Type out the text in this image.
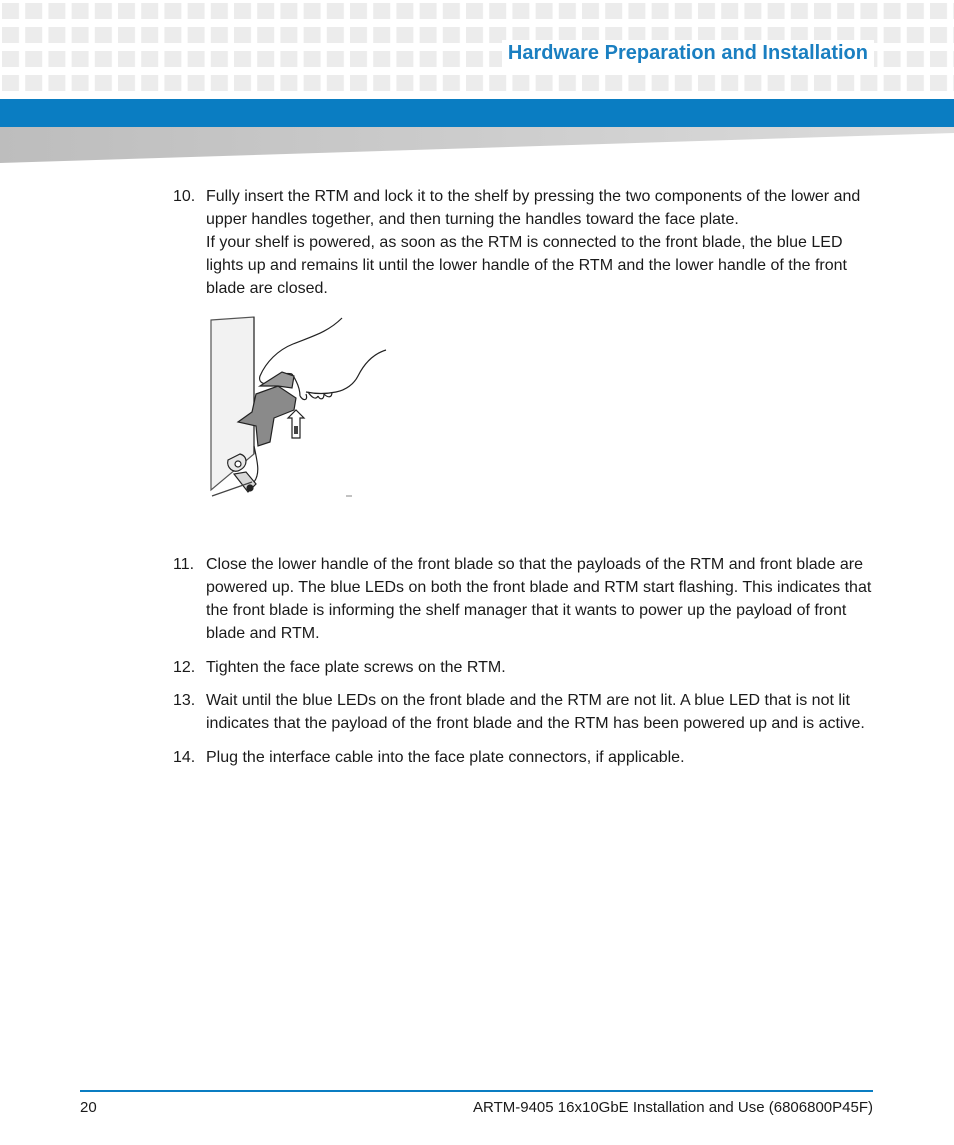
Hardware Preparation and Installation
10. Fully insert the RTM and lock it to the shelf by pressing the two components of the lower and upper handles together, and then turning the handles toward the face plate.

If your shelf is powered, as soon as the RTM is connected to the front blade, the blue LED lights up and remains lit until the lower handle of the RTM and the lower handle of the front blade are closed.

11. Close the lower handle of the front blade so that the payloads of the RTM and front blade are powered up. The blue LEDs on both the front blade and RTM start flashing. This indicates that the front blade is informing the shelf manager that it wants to power up the payload of front blade and RTM.

12. Tighten the face plate screws on the RTM.

13. Wait until the blue LEDs on the front blade and the RTM are not lit. A blue LED that is not lit indicates that the payload of the front blade and the RTM has been powered up and is active.

14. Plug the interface cable into the face plate connectors, if applicable.

20	ARTM-9405 16x10GbE Installation and Use (6806800P45F)
